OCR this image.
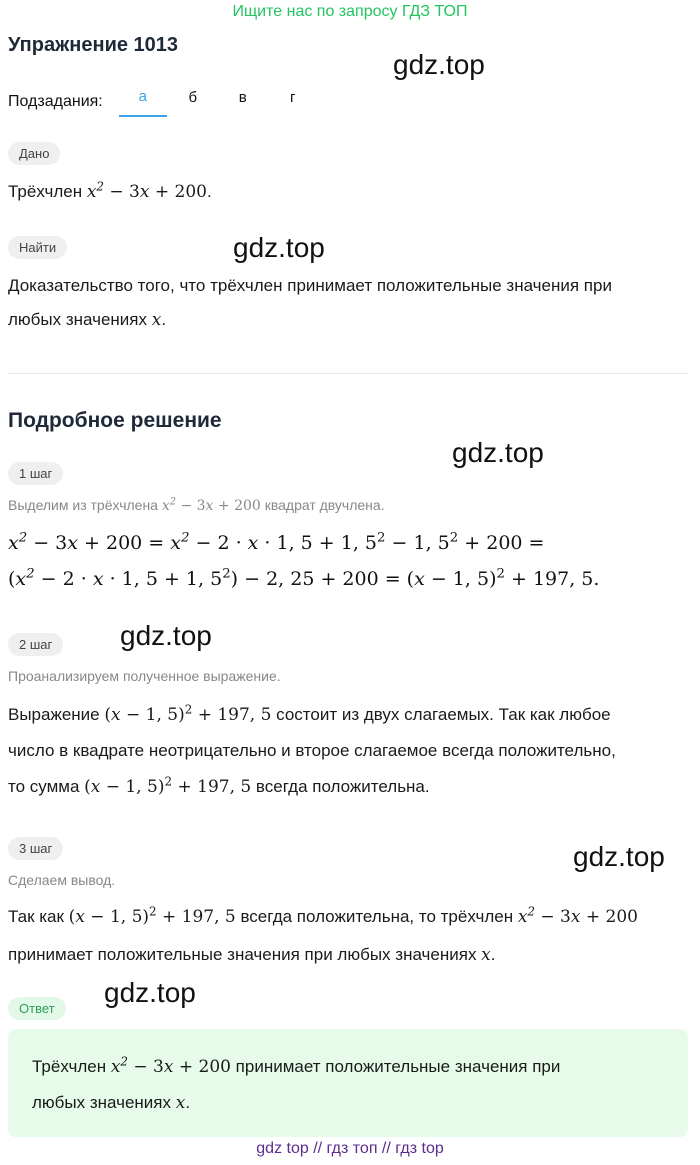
Ищите нас по запросу ГДЗ ТОП
Упражнение 1013
gdz.top
gdz.top
gdz.top
gdz.top
gdz.top
gdz.top
Подзадания:	а	б	в	г
Дано
Трёхчлен $x^2 - 3x + 200$.
Найти
Доказательство того, что трёхчлен принимает положительные значения при
любых значениях x.
Подробное решение
1 шаг
Выделим из трёхчлена $x^2 - 3x + 200$ квадрат двучлена.
$x^2 - 3x + 200 = x^2 - 2 \cdot x \cdot 1$, 5 + 1, $5^2 - 1$, $5^2 + 200$ =
($x^2 - 2 \cdot x \cdot 1$, 5 + 1, $5^2) - 2$, 25 + 200 = (x − 1, 5)$^2$ + 197, 5.
2 шаг
Проанализируем полученное выражение.
Выражение (x − 1, 5)$^2$ + 197, 5 состоит из двух слагаемых. Так как любое
число в квадрате неотрицательно и второе слагаемое всегда положительно,
то сумма (x − 1, 5)$^2$ + 197, 5 всегда положительна.
3 шаг
Сделаем вывод.
Так как (x − 1, 5)$^2$ + 197, 5 всегда положительна, то трёхчлен $x^2 - 3x + 200$
принимает положительные значения при любых значениях x.
Ответ
Трёхчлен $x^2 - 3x + 200$ принимает положительные значения при
любых значениях x.
gdz top // гдз топ // гдз top
